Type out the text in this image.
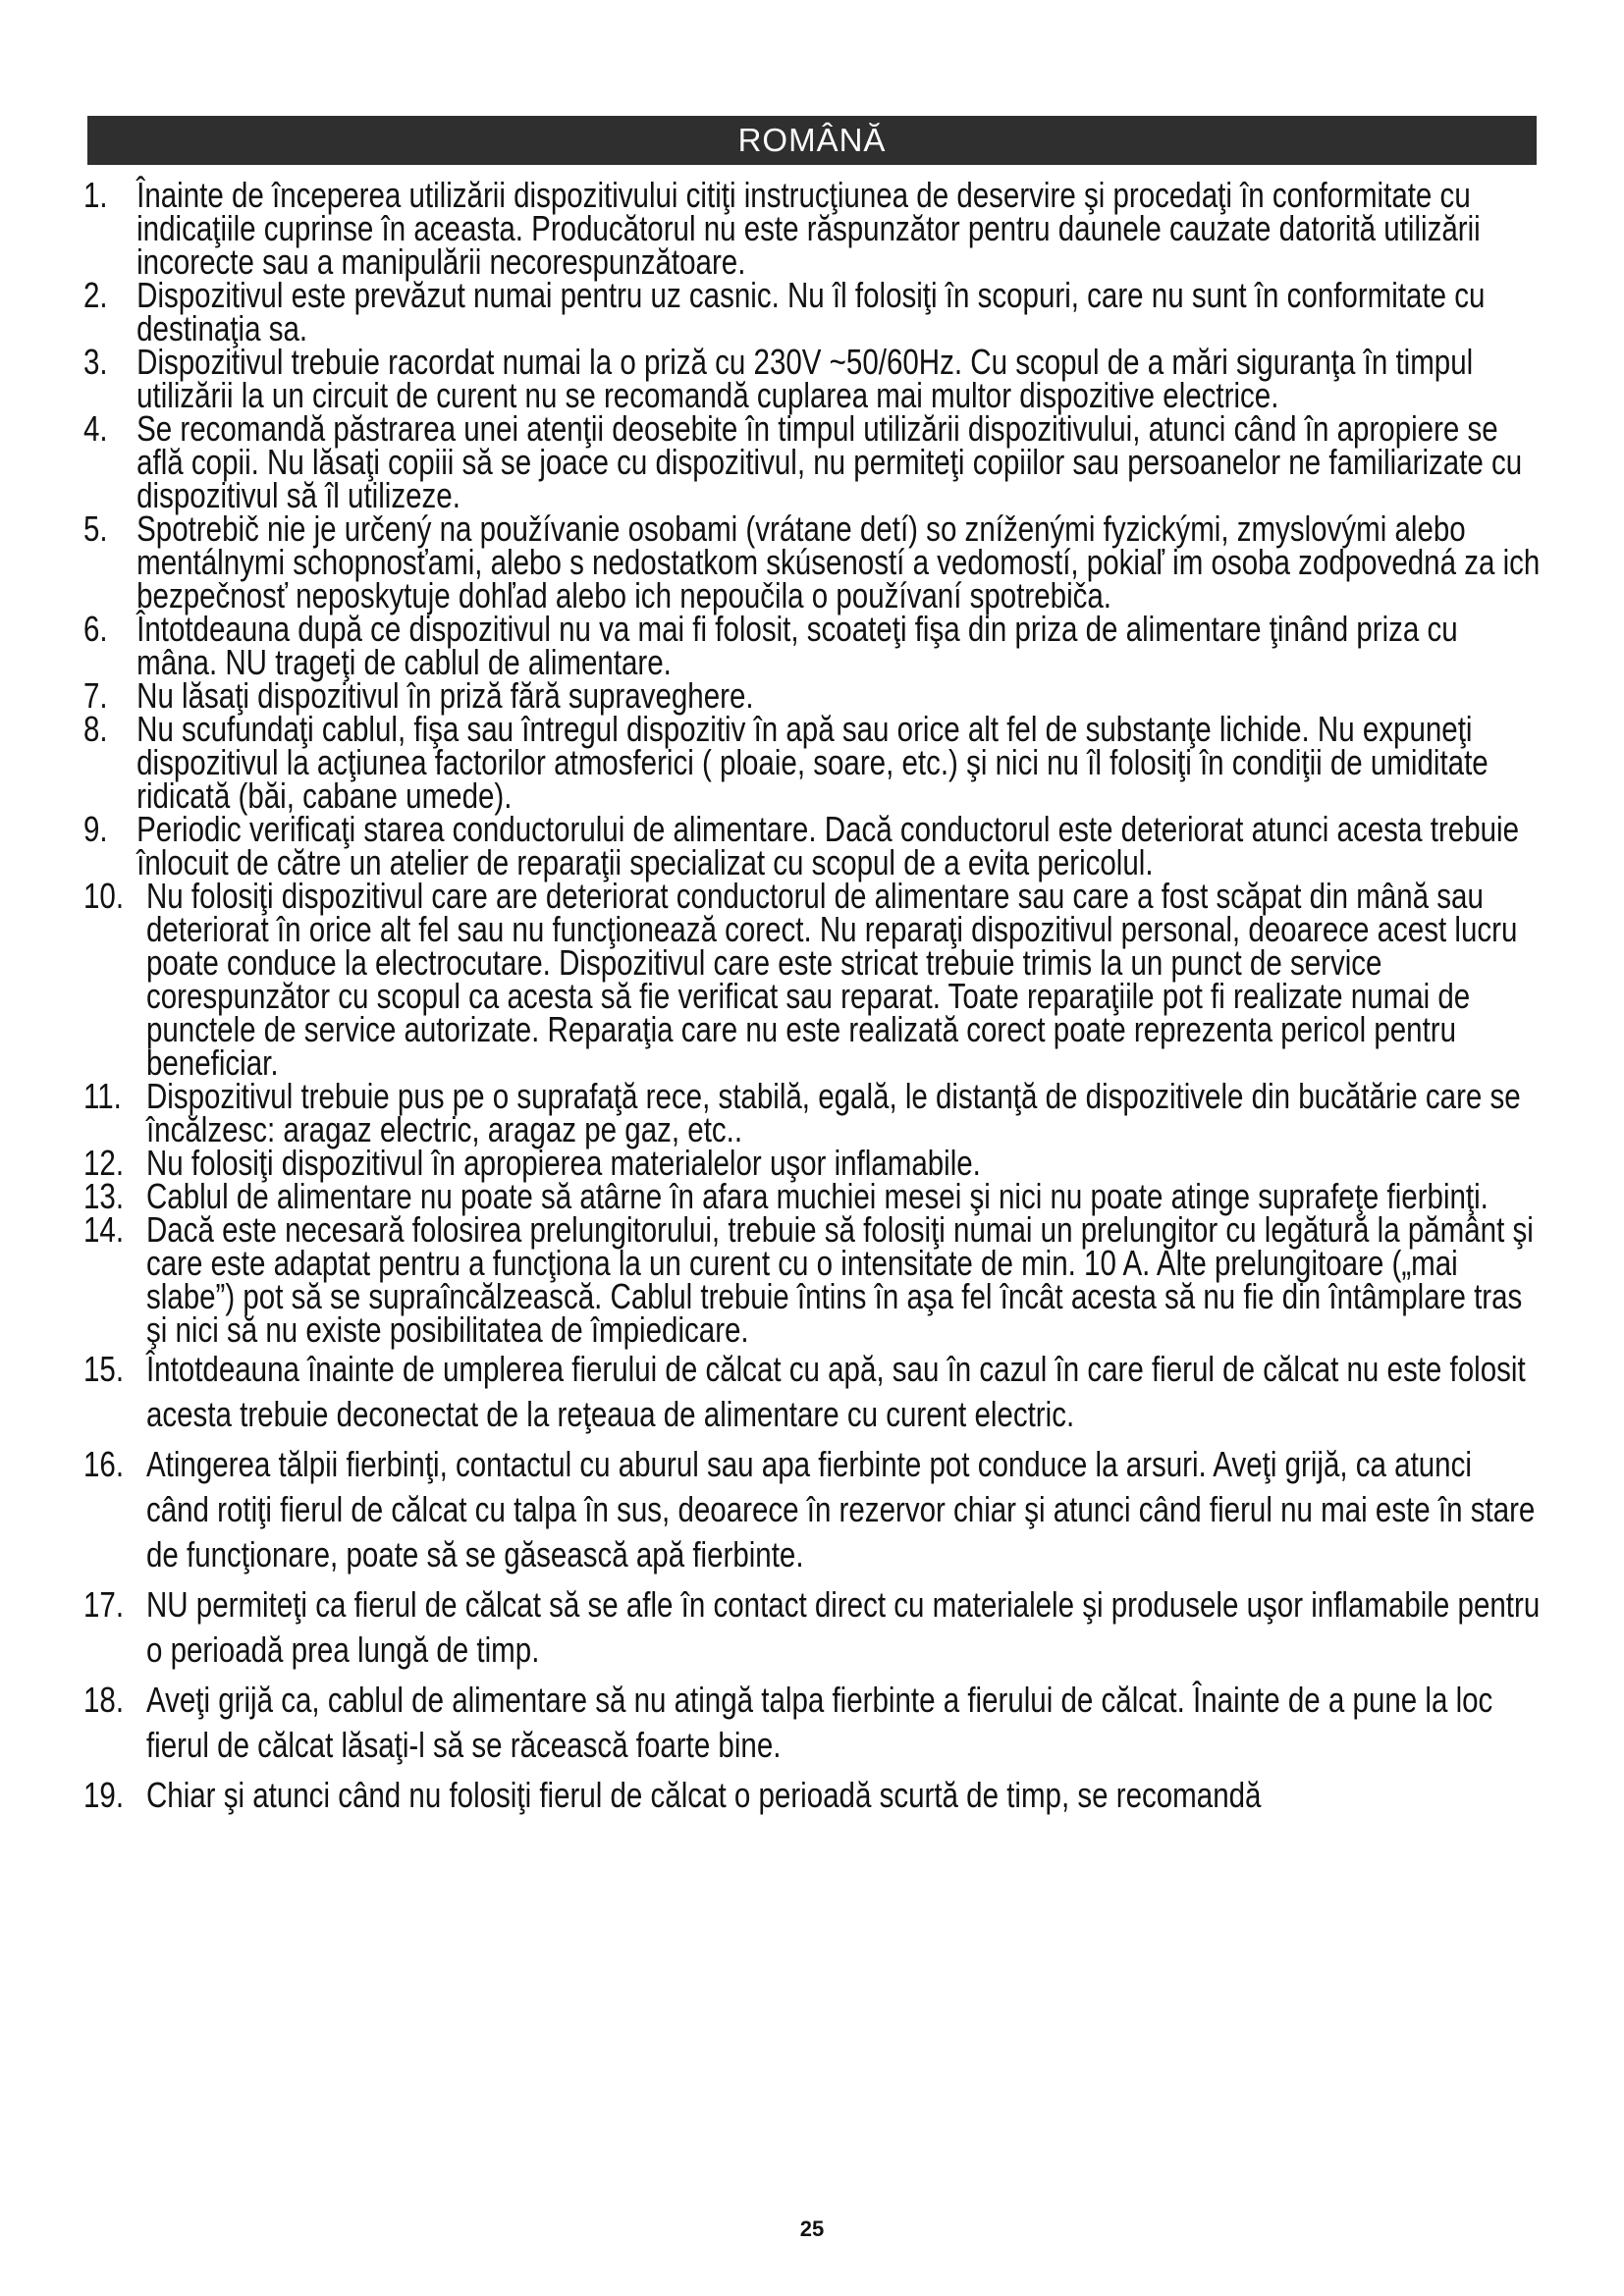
ROMÂNĂ
1. Înainte de începerea utilizării dispozitivului citiţi instrucţiunea de deservire şi procedaţi în conformitate cu indicaţiile cuprinse în aceasta. Producătorul nu este răspunzător pentru daunele cauzate datorită utilizării incorecte sau a manipulării necorespunzătoare.
2. Dispozitivul este prevăzut numai pentru uz casnic. Nu îl folosiţi în scopuri, care nu sunt în conformitate cu destinaţia sa.
3. Dispozitivul trebuie racordat numai la o priză cu 230V ~50/60Hz. Cu scopul de a mări siguranţa în timpul utilizării la un circuit de curent nu se recomandă cuplarea mai multor dispozitive electrice.
4. Se recomandă păstrarea unei atenţii deosebite în timpul utilizării dispozitivului, atunci când în apropiere se află copii. Nu lăsaţi copiii să se joace cu dispozitivul, nu permiteţi copiilor sau persoanelor ne familiarizate cu dispozitivul să îl utilizeze.
5. Spotrebič nie je určený na používanie osobami (vrátane detí) so zníženými fyzickými, zmyslovými alebo mentálnymi schopnosťami, alebo s nedostatkom skúseností a vedomostí, pokiaľ im osoba zodpovedná za ich bezpečnosť neposkytuje dohľad alebo ich nepoučila o používaní spotrebiča.
6. Întotdeauna după ce dispozitivul nu va mai fi folosit, scoateţi fişa din priza de alimentare ţinând priza cu mâna. NU trageţi de cablul de alimentare.
7. Nu lăsaţi dispozitivul în priză fără supraveghere.
8. Nu scufundaţi cablul, fişa sau întregul dispozitiv în apă sau orice alt fel de substanţe lichide. Nu expuneţi dispozitivul la acţiunea factorilor atmosferici ( ploaie, soare, etc.) şi nici nu îl folosiţi în condiţii de umiditate ridicată (băi, cabane umede).
9. Periodic verificaţi starea conductorului de alimentare. Dacă conductorul este deteriorat atunci acesta trebuie înlocuit de către un atelier de reparaţii specializat cu scopul de a evita pericolul.
10. Nu folosiţi dispozitivul care are deteriorat conductorul de alimentare sau care a fost scăpat din mână sau deteriorat în orice alt fel sau nu funcţionează corect. Nu reparaţi dispozitivul personal, deoarece acest lucru poate conduce la electrocutare. Dispozitivul care este stricat trebuie trimis la un punct de service corespunzător cu scopul ca acesta să fie verificat sau reparat. Toate reparaţiile pot fi realizate numai de punctele de service autorizate. Reparaţia care nu este realizată corect poate reprezenta pericol pentru beneficiar.
11. Dispozitivul trebuie pus pe o suprafaţă rece, stabilă, egală, le distanţă de dispozitivele din bucătărie care se încălzesc: aragaz electric, aragaz pe gaz, etc..
12. Nu folosiţi dispozitivul în apropierea materialelor uşor inflamabile.
13. Cablul de alimentare nu poate să atârne în afara muchiei mesei şi nici nu poate atinge suprafeţe fierbinţi.
14. Dacă este necesară folosirea prelungitorului, trebuie să folosiţi numai un prelungitor cu legătură la pământ şi care este adaptat pentru a funcţiona la un curent cu o intensitate de min. 10 A. Alte prelungitoare („mai slabe”) pot să se supraîncălzească. Cablul trebuie întins în aşa fel încât acesta să nu fie din întâmplare tras şi nici să nu existe posibilitatea de împiedicare.
15. Întotdeauna înainte de umplerea fierului de călcat cu apă, sau în cazul în care fierul de călcat nu este folosit acesta trebuie deconectat de la reţeaua de alimentare cu curent electric.
16. Atingerea tălpii fierbinţi, contactul cu aburul sau apa fierbinte pot conduce la arsuri. Aveţi grijă, ca atunci când rotiţi fierul de călcat cu talpa în sus, deoarece în rezervor chiar şi atunci când fierul nu mai este în stare de funcţionare, poate să se găsească apă fierbinte.
17. NU permiteţi ca fierul de călcat să se afle în contact direct cu materialele şi produsele uşor inflamabile pentru o perioadă prea lungă de timp.
18. Aveţi grijă ca, cablul de alimentare să nu atingă talpa fierbinte a fierului de călcat. Înainte de a pune la loc fierul de călcat lăsaţi-l să se răcească foarte bine.
19. Chiar şi atunci când nu folosiţi fierul de călcat o perioadă scurtă de timp, se recomandă
25
